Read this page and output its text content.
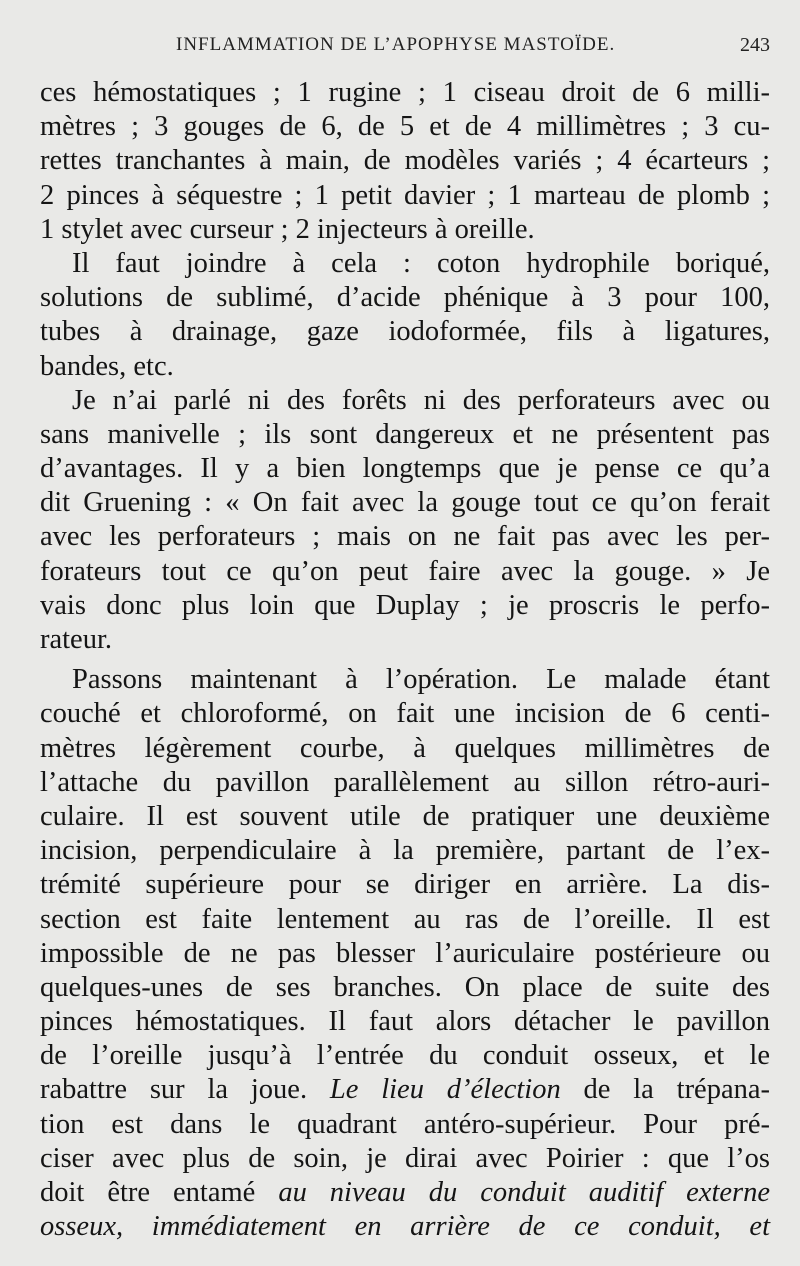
INFLAMMATION DE L’APOPHYSE MASTOÏDE.	243
ces hémostatiques ; 1 rugine ; 1 ciseau droit de 6 milli-
mètres ; 3 gouges de 6, de 5 et de 4 millimètres ; 3 cu-
rettes tranchantes à main, de modèles variés ; 4 écarteurs ;
2 pinces à séquestre ; 1 petit davier ; 1 marteau de plomb ;
1 stylet avec curseur ; 2 injecteurs à oreille.
Il faut joindre à cela : coton hydrophile boriqué,
solutions de sublimé, d’acide phénique à 3 pour 100,
tubes à drainage, gaze iodoformée, fils à ligatures,
bandes, etc.
Je n’ai parlé ni des forêts ni des perforateurs avec ou
sans manivelle ; ils sont dangereux et ne présentent pas
d’avantages. Il y a bien longtemps que je pense ce qu’a
dit Gruening : « On fait avec la gouge tout ce qu’on ferait
avec les perforateurs ; mais on ne fait pas avec les per-
forateurs tout ce qu’on peut faire avec la gouge. » Je
vais donc plus loin que Duplay ; je proscris le perfo-
rateur.
Passons maintenant à l’opération. Le malade étant
couché et chloroformé, on fait une incision de 6 centi-
mètres légèrement courbe, à quelques millimètres de
l’attache du pavillon parallèlement au sillon rétro-auri-
culaire. Il est souvent utile de pratiquer une deuxième
incision, perpendiculaire à la première, partant de l’ex-
trémité supérieure pour se diriger en arrière. La dis-
section est faite lentement au ras de l’oreille. Il est
impossible de ne pas blesser l’auriculaire postérieure ou
quelques-unes de ses branches. On place de suite des
pinces hémostatiques. Il faut alors détacher le pavillon
de l’oreille jusqu’à l’entrée du conduit osseux, et le
rabattre sur la joue. Le lieu d’élection de la trépana-
tion est dans le quadrant antéro-supérieur. Pour pré-
ciser avec plus de soin, je dirai avec Poirier : que l’os
doit être entamé au niveau du conduit auditif externe
osseux, immédiatement en arrière de ce conduit, et
